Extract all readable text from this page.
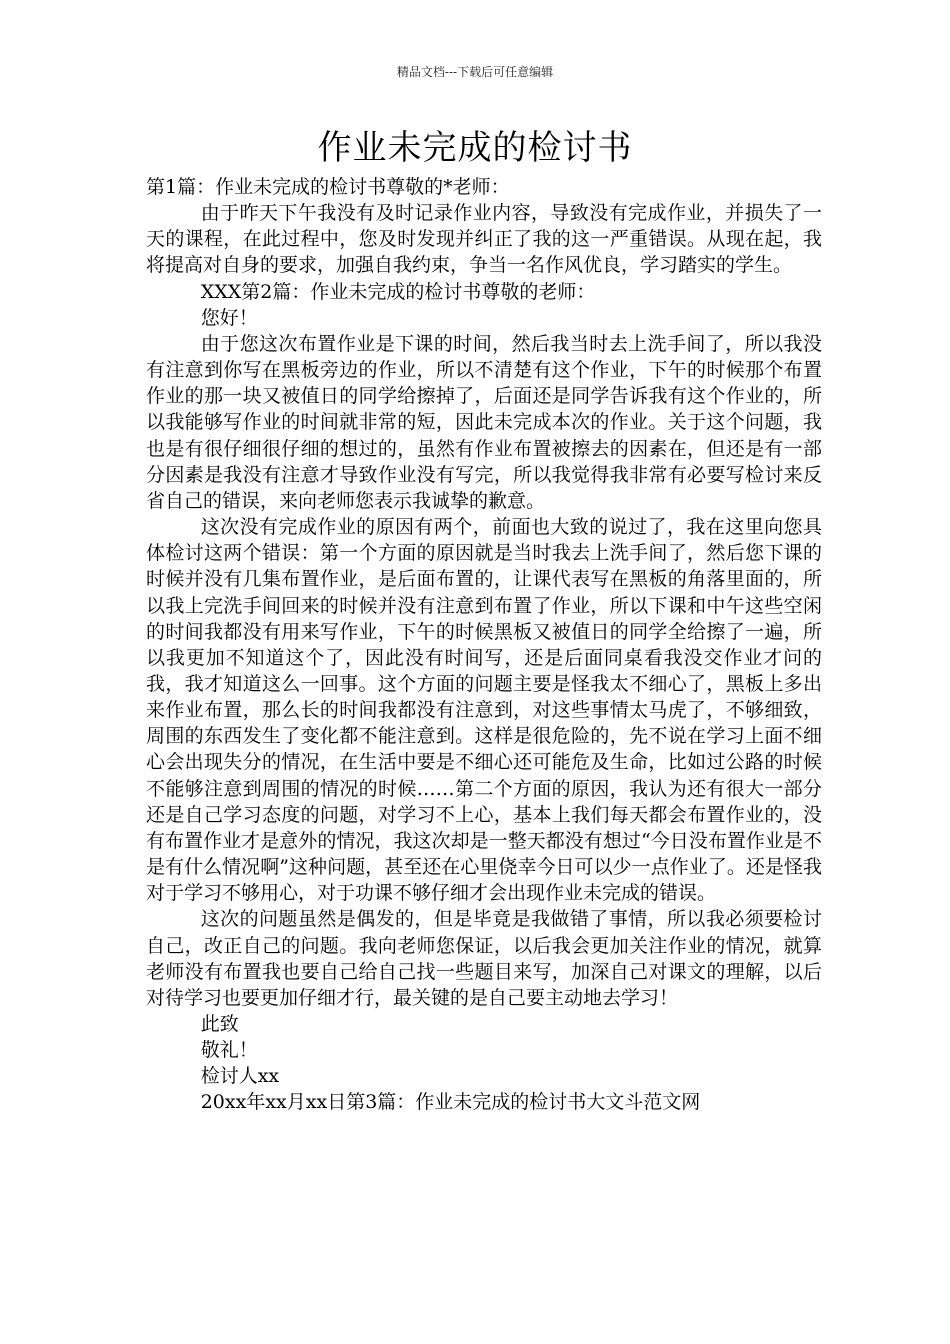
精品文档---下载后可任意编辑
作业未完成的检讨书

第1篇：作业未完成的检讨书尊敬的*老师：

由于昨天下午我没有及时记录作业内容，导致没有完成作业，并损失了一天的课程，在此过程中，您及时发现并纠正了我的这一严重错误。从现在起，我将提高对自身的要求，加强自我约束，争当一名作风优良，学习踏实的学生。

XXX第2篇：作业未完成的检讨书尊敬的老师：

您好！

由于您这次布置作业是下课的时间，然后我当时去上洗手间了，所以我没有注意到你写在黑板旁边的作业，所以不清楚有这个作业，下午的时候那个布置作业的那一块又被值日的同学给擦掉了，后面还是同学告诉我有这个作业的，所以我能够写作业的时间就非常的短，因此未完成本次的作业。关于这个问题，我也是有很仔细很仔细的想过的，虽然有作业布置被擦去的因素在，但还是有一部分因素是我没有注意才导致作业没有写完，所以我觉得我非常有必要写检讨来反省自己的错误，来向老师您表示我诚挚的歉意。

这次没有完成作业的原因有两个，前面也大致的说过了，我在这里向您具体检讨这两个错误：第一个方面的原因就是当时我去上洗手间了，然后您下课的时候并没有几集布置作业，是后面布置的，让课代表写在黑板的角落里面的，所以我上完洗手间回来的时候并没有注意到布置了作业，所以下课和中午这些空闲的时间我都没有用来写作业，下午的时候黑板又被值日的同学全给擦了一遍，所以我更加不知道这个了，因此没有时间写，还是后面同桌看我没交作业才问的我，我才知道这么一回事。这个方面的问题主要是怪我太不细心了，黑板上多出来作业布置，那么长的时间我都没有注意到，对这些事情太马虎了，不够细致，周围的东西发生了变化都不能注意到。这样是很危险的，先不说在学习上面不细心会出现失分的情况，在生活中要是不细心还可能危及生命，比如过公路的时候不能够注意到周围的情况的时候……第二个方面的原因，我认为还有很大一部分还是自己学习态度的问题，对学习不上心，基本上我们每天都会布置作业的，没有布置作业才是意外的情况，我这次却是一整天都没有想过“今日没布置作业是不是有什么情况啊”这种问题，甚至还在心里侥幸今日可以少一点作业了。还是怪我对于学习不够用心，对于功课不够仔细才会出现作业未完成的错误。

这次的问题虽然是偶发的，但是毕竟是我做错了事情，所以我必须要检讨自己，改正自己的问题。我向老师您保证，以后我会更加关注作业的情况，就算老师没有布置我也要自己给自己找一些题目来写，加深自己对课文的理解，以后对待学习也要更加仔细才行，最关键的是自己要主动地去学习！

此致

敬礼！

检讨人xx

20xx年xx月xx日第3篇：作业未完成的检讨书大文斗范文网
